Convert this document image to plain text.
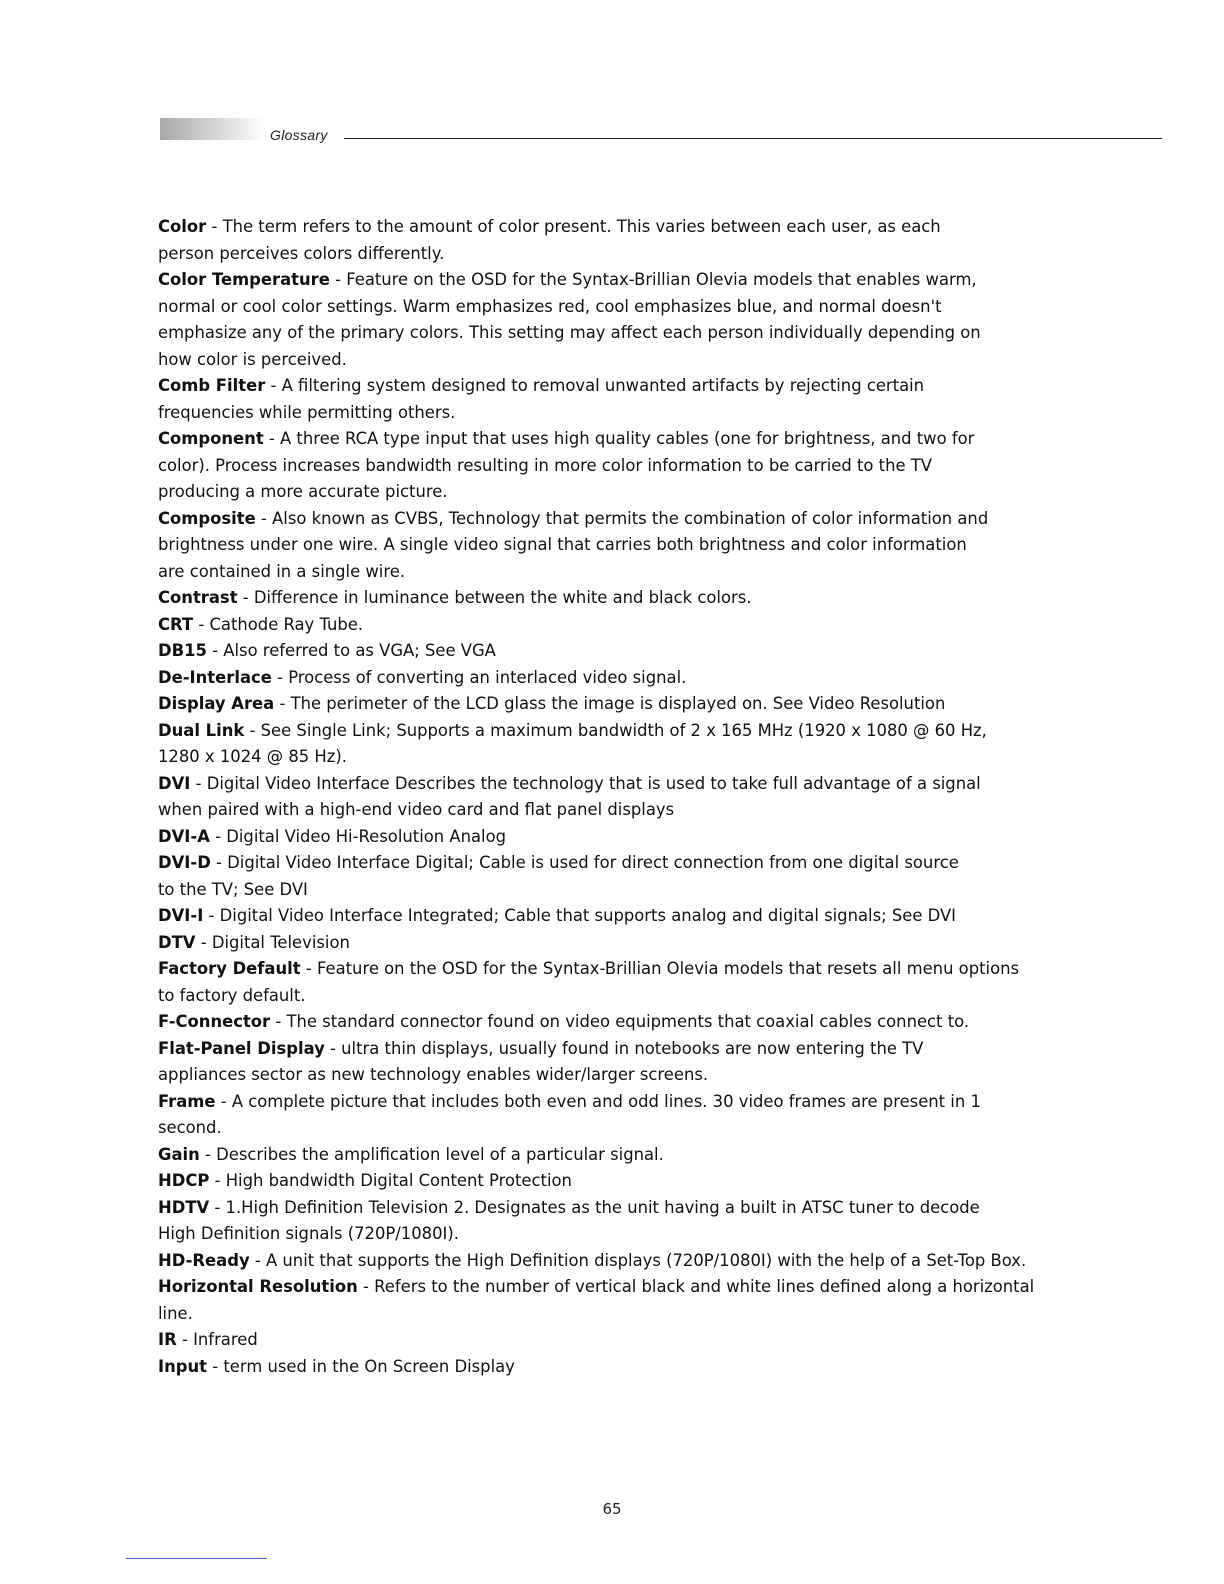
Glossary
Color - The term refers to the amount of color present. This varies between each user, as each
person perceives colors differently.
Color Temperature - Feature on the OSD for the Syntax-Brillian Olevia models that enables warm,
normal or cool color settings. Warm emphasizes red, cool emphasizes blue, and normal doesn't
emphasize any of the primary colors. This setting may affect each person individually depending on
how color is perceived.
Comb Filter - A filtering system designed to removal unwanted artifacts by rejecting certain
frequencies while permitting others.
Component - A three RCA type input that uses high quality cables (one for brightness, and two for
color). Process increases bandwidth resulting in more color information to be carried to the TV
producing a more accurate picture.
Composite - Also known as CVBS, Technology that permits the combination of color information and
brightness under one wire. A single video signal that carries both brightness and color information
are contained in a single wire.
Contrast - Difference in luminance between the white and black colors.
CRT - Cathode Ray Tube.
DB15 - Also referred to as VGA; See VGA
De-Interlace - Process of converting an interlaced video signal.
Display Area - The perimeter of the LCD glass the image is displayed on. See Video Resolution
Dual Link - See Single Link; Supports a maximum bandwidth of 2 x 165 MHz (1920 x 1080 @ 60 Hz,
1280 x 1024 @ 85 Hz).
DVI - Digital Video Interface Describes the technology that is used to take full advantage of a signal
when paired with a high-end video card and flat panel displays
DVI-A - Digital Video Hi-Resolution Analog
DVI-D - Digital Video Interface Digital; Cable is used for direct connection from one digital source
to the TV; See DVI
DVI-I - Digital Video Interface Integrated; Cable that supports analog and digital signals; See DVI
DTV - Digital Television
Factory Default - Feature on the OSD for the Syntax-Brillian Olevia models that resets all menu options
to factory default.
F-Connector - The standard connector found on video equipments that coaxial cables connect to.
Flat-Panel Display - ultra thin displays, usually found in notebooks are now entering the TV
appliances sector as new technology enables wider/larger screens.
Frame - A complete picture that includes both even and odd lines. 30 video frames are present in 1
second.
Gain - Describes the amplification level of a particular signal.
HDCP - High bandwidth Digital Content Protection
HDTV - 1.High Definition Television 2. Designates as the unit having a built in ATSC tuner to decode
High Definition signals (720P/1080I).
HD-Ready - A unit that supports the High Definition displays (720P/1080I) with the help of a Set-Top Box.
Horizontal Resolution - Refers to the number of vertical black and white lines defined along a horizontal
line.
IR - Infrared
Input - term used in the On Screen Display
65
